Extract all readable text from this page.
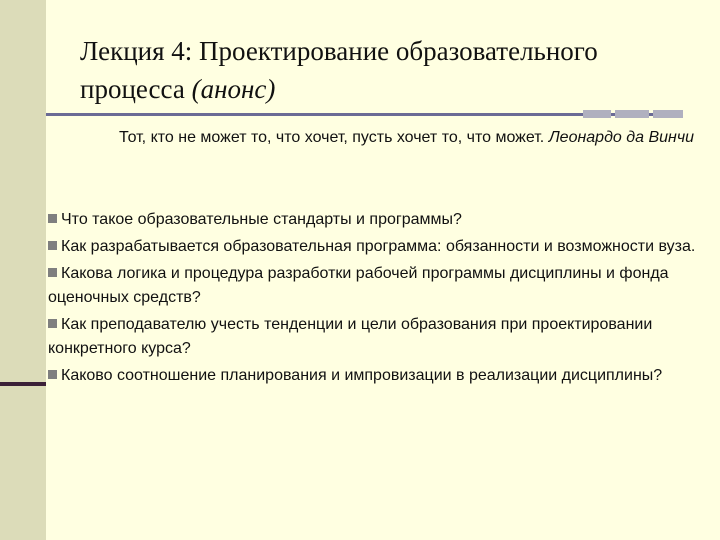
Лекция 4: Проектирование образовательного процесса (анонс)
Тот, кто не может то, что хочет, пусть хочет то, что может. Леонардо да Винчи
Что такое образовательные стандарты и программы?
Как разрабатывается образовательная программа: обязанности и возможности вуза.
Какова логика и процедура разработки рабочей программы дисциплины и фонда оценочных средств?
Как преподавателю учесть тенденции и цели образования при проектировании конкретного курса?
Каково соотношение планирования и импровизации в реализации дисциплины?
